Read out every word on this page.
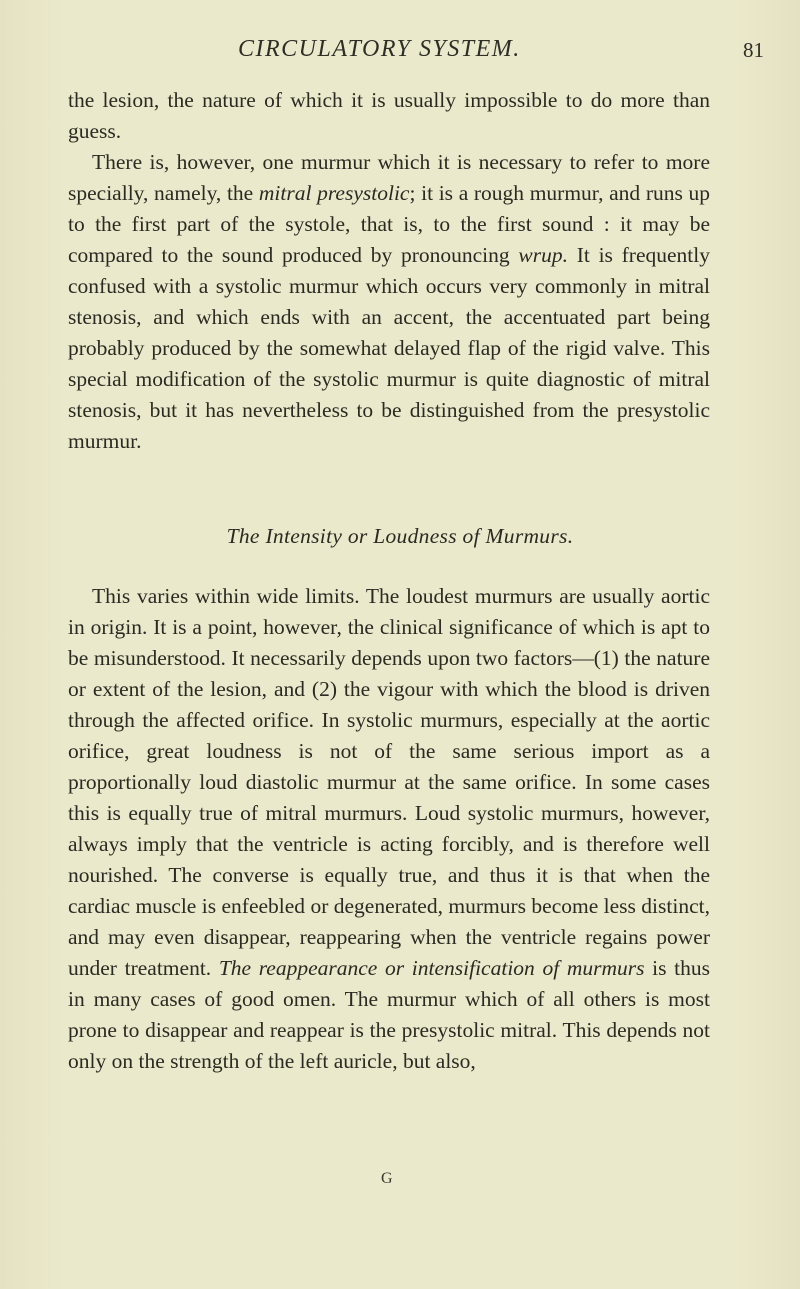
CIRCULATORY SYSTEM.	81

the lesion, the nature of which it is usually impossible to do more than guess.

There is, however, one murmur which it is necessary to refer to more specially, namely, the mitral presystolic; it is a rough murmur, and runs up to the first part of the systole, that is, to the first sound : it may be compared to the sound produced by pronouncing wrup. It is frequently confused with a systolic murmur which occurs very commonly in mitral stenosis, and which ends with an accent, the accentuated part being probably produced by the somewhat delayed flap of the rigid valve. This special modification of the systolic murmur is quite diagnostic of mitral stenosis, but it has nevertheless to be distinguished from the presystolic murmur.

The Intensity or Loudness of Murmurs.

This varies within wide limits. The loudest murmurs are usually aortic in origin. It is a point, however, the clinical significance of which is apt to be misunderstood. It necessarily depends upon two factors—(1) the nature or extent of the lesion, and (2) the vigour with which the blood is driven through the affected orifice. In systolic murmurs, especially at the aortic orifice, great loudness is not of the same serious import as a proportionally loud diastolic murmur at the same orifice. In some cases this is equally true of mitral murmurs. Loud systolic murmurs, however, always imply that the ventricle is acting forcibly, and is therefore well nourished. The converse is equally true, and thus it is that when the cardiac muscle is enfeebled or degenerated, murmurs become less distinct, and may even disappear, reappearing when the ventricle regains power under treatment. The reappearance or intensification of murmurs is thus in many cases of good omen. The murmur which of all others is most prone to disappear and reappear is the presystolic mitral. This depends not only on the strength of the left auricle, but also,

G
